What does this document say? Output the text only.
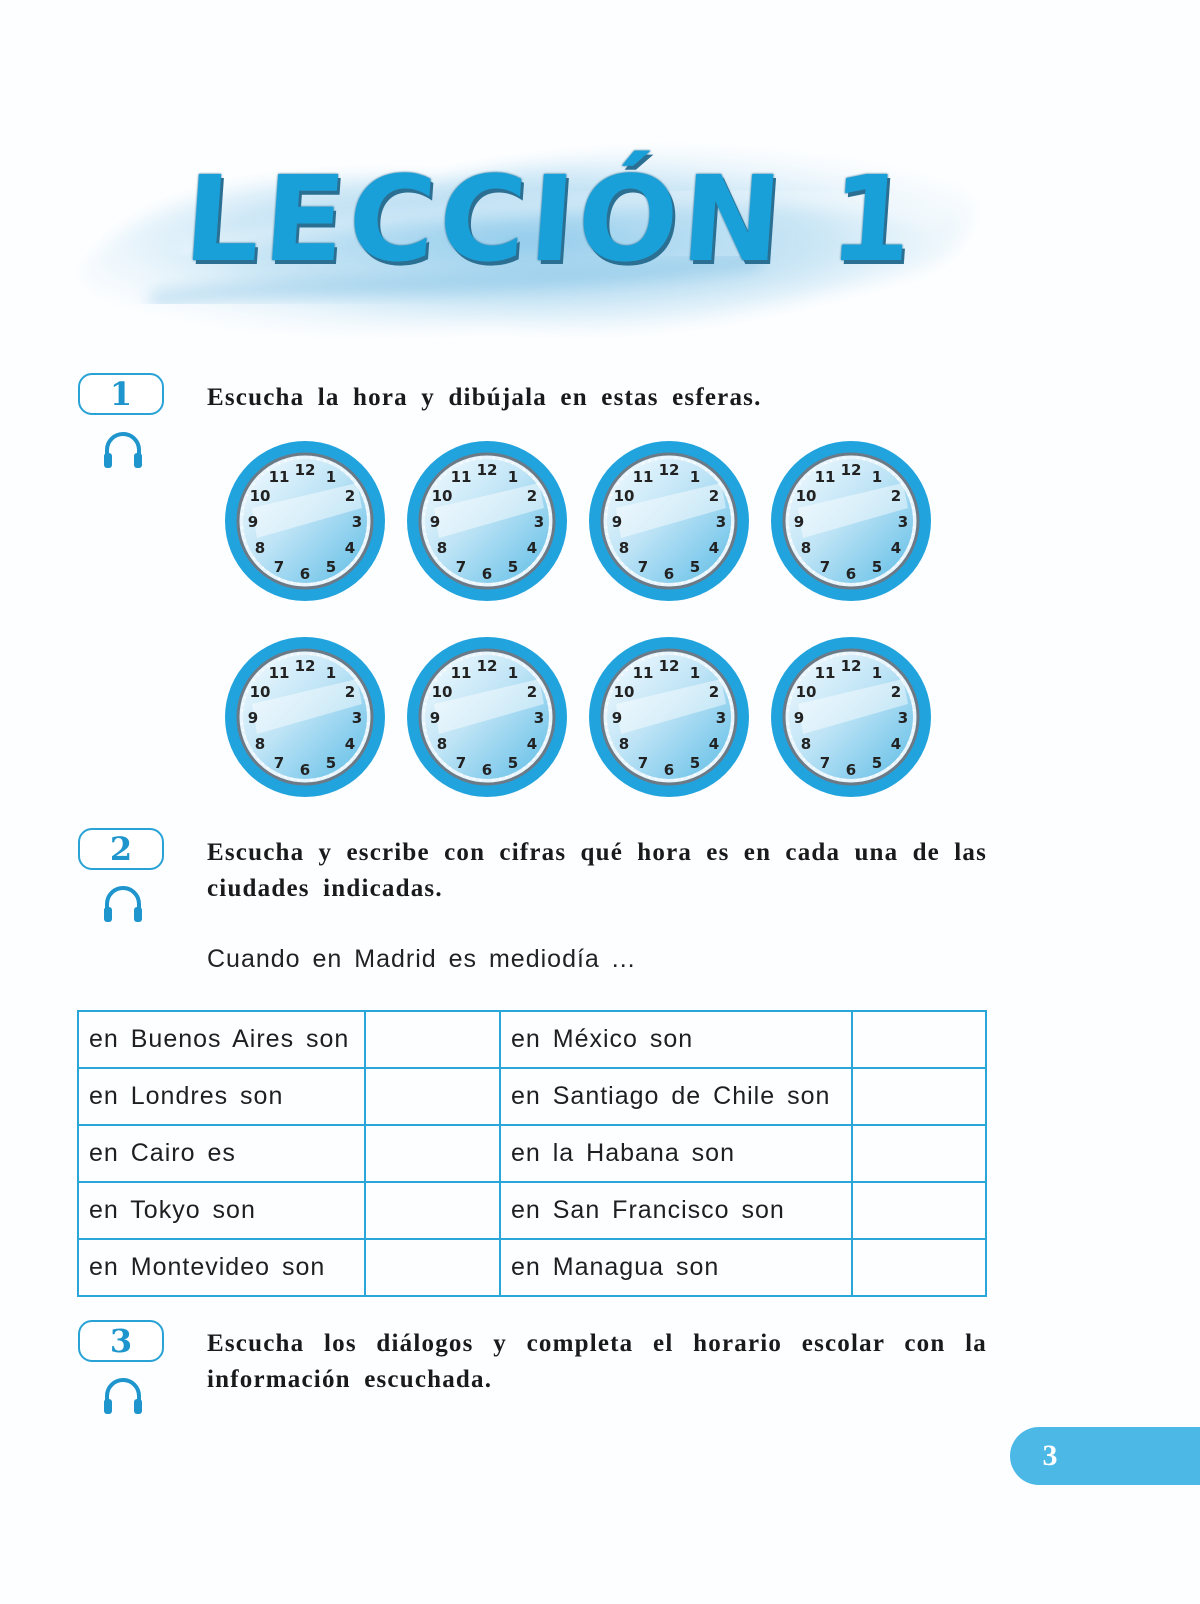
LECCIÓN 1
1	Escucha la hora y dibújala en estas esferas.
12 1
2
3
4
5
6
7
8
9
10
11	12 1
2
3
4
5
6
7
8
9
10
11	12 1
2
3
4
5
6
7
8
9
10
11	12 1
2
3
4
5
6
7
8
9
10
11
12 1
2
3
4
5
6
7
8
9
10
11	12 1
2
3
4
5
6
7
8
9
10
11	12 1
2
3
4
5
6
7
8
9
10
11	12 1
2
3
4
5
6
7
8
9
10
11
2	Escucha y escribe con cifras qué hora es en cada una de las ciudades indicadas.
Cuando en Madrid es mediodía ...
en Buenos Aires son		en México son	
en Londres son		en Santiago de Chile son	
en Cairo es		en la Habana son	
en Tokyo son		en San Francisco son	
en Montevideo son		en Managua son	
3	Escucha los diálogos y completa el horario escolar con la información escuchada.
3
